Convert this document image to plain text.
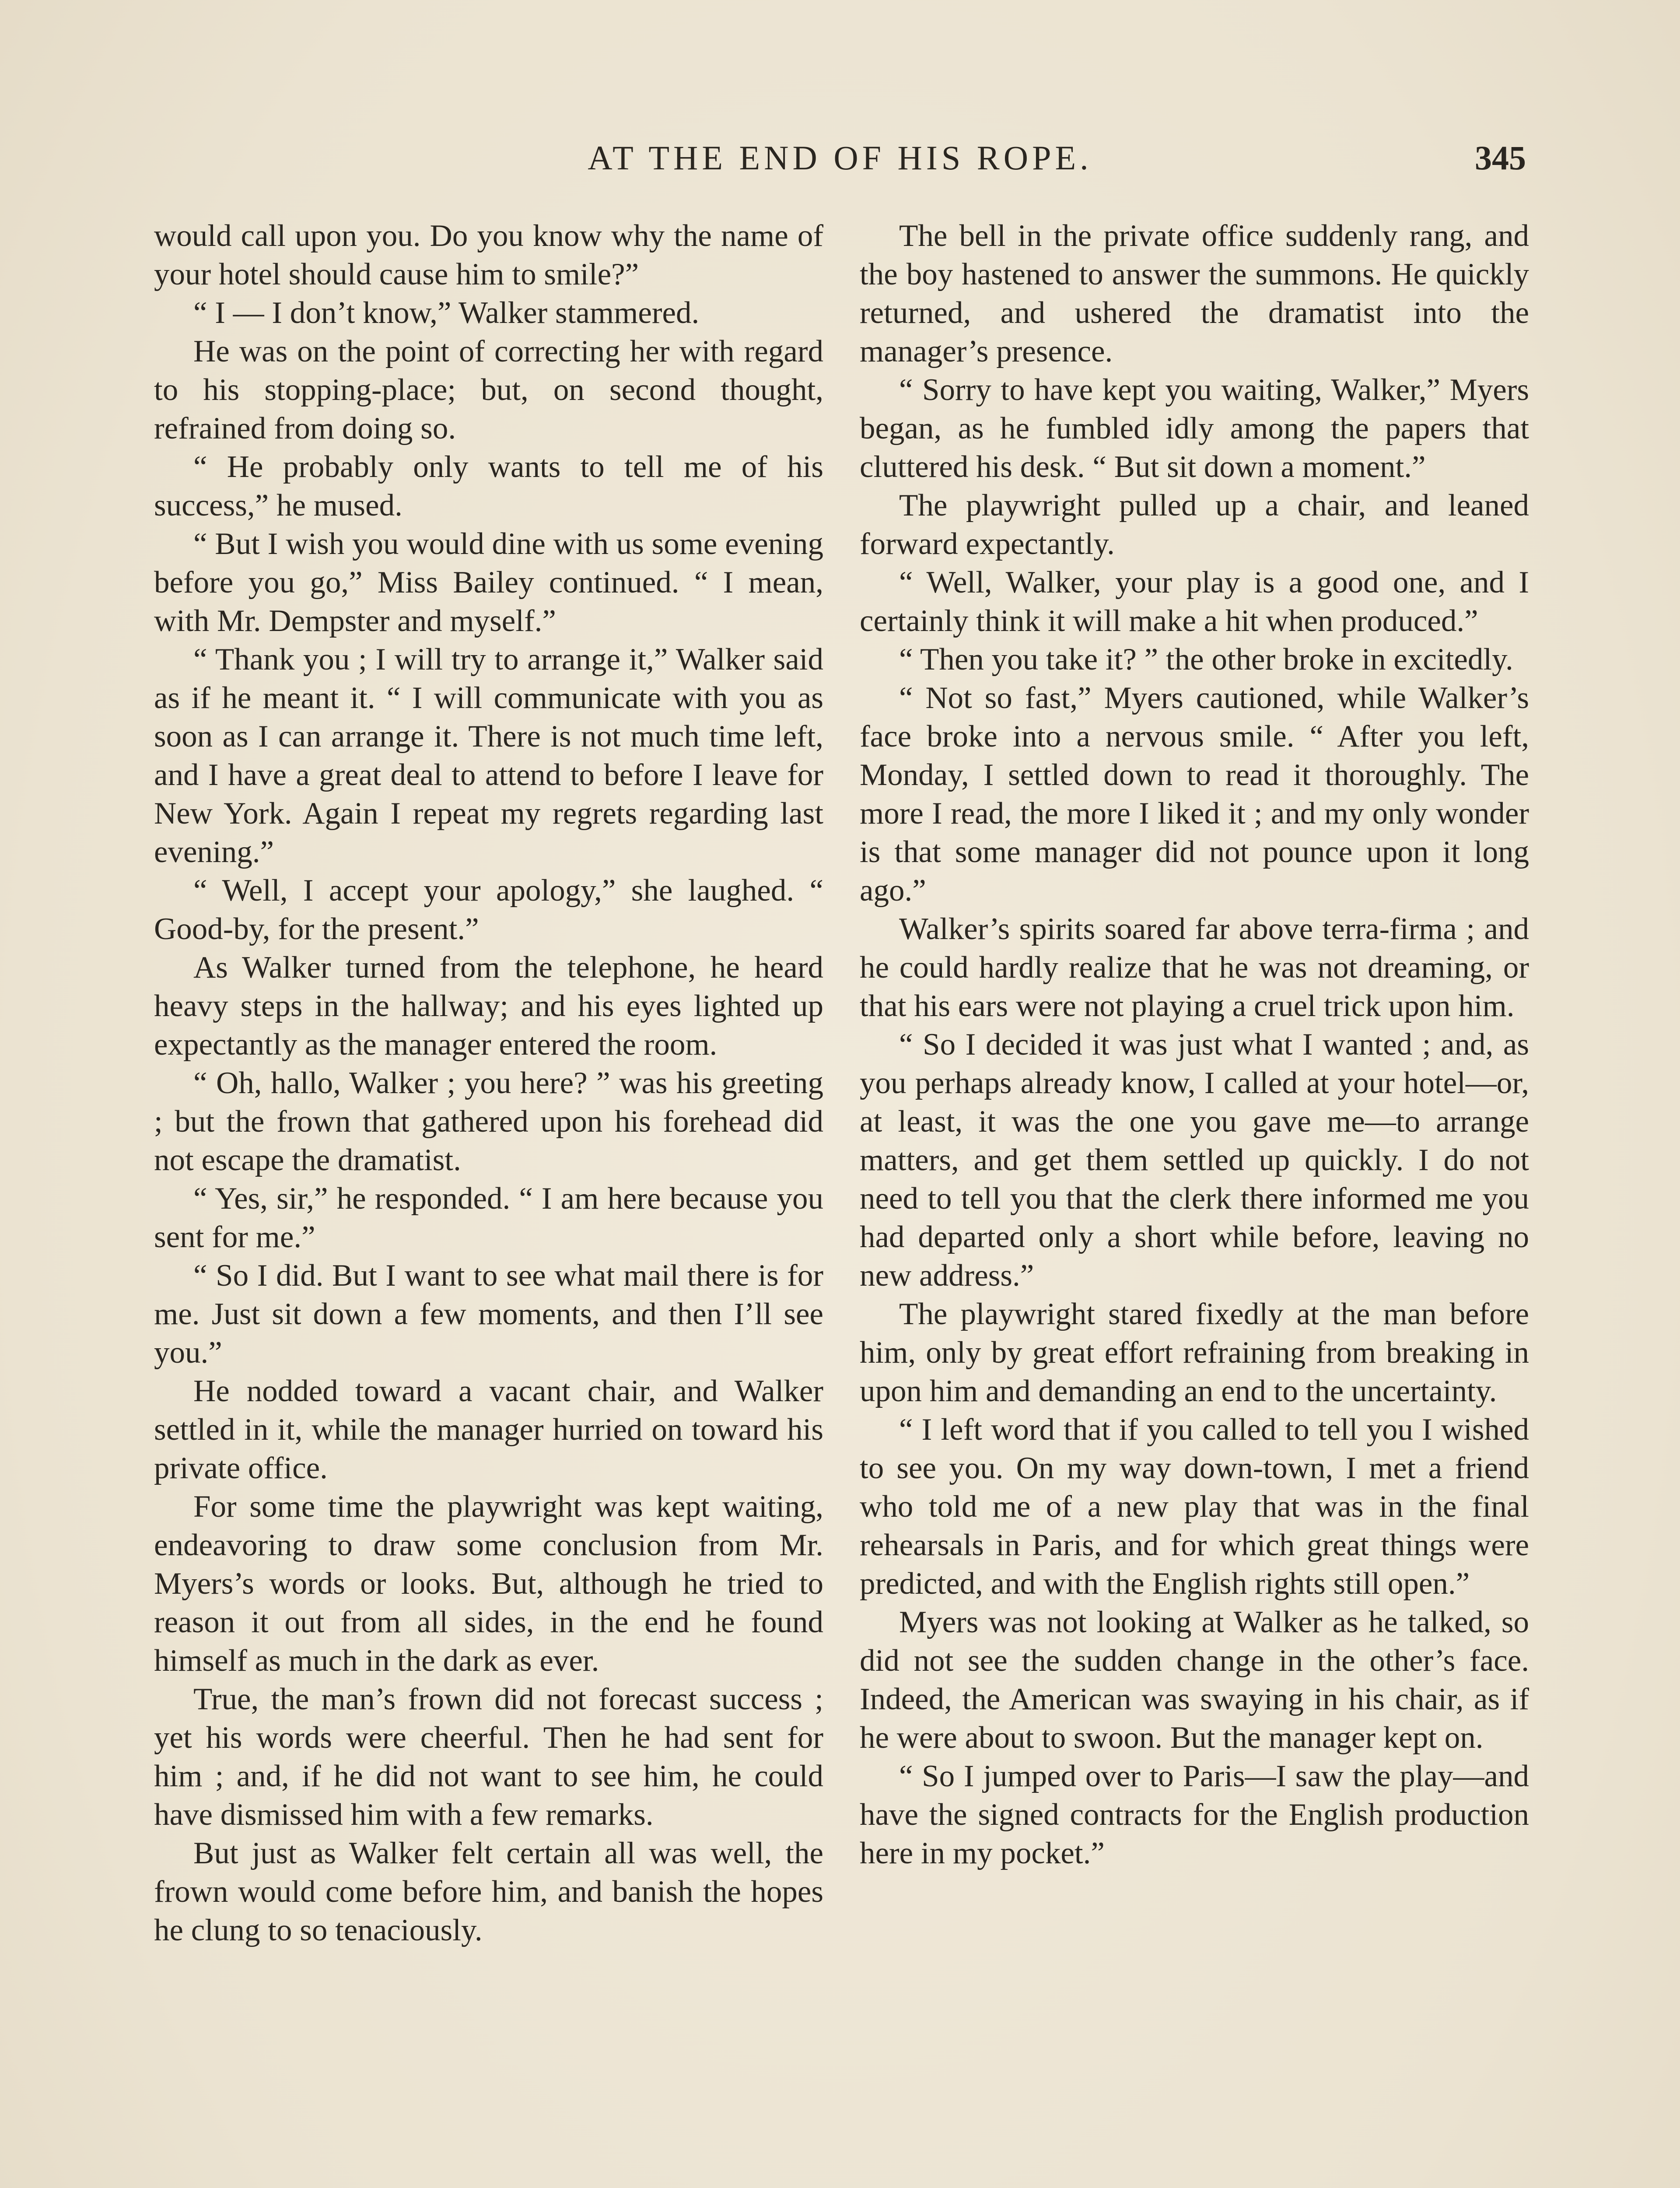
AT THE END OF HIS ROPE.	345

would call upon you. Do you know why the name of your hotel should cause him to smile?”

“ I — I don’t know,” Walker stammered.

He was on the point of correcting her with regard to his stopping-place; but, on second thought, refrained from doing so.

“ He probably only wants to tell me of his success,” he mused.

“ But I wish you would dine with us some evening before you go,” Miss Bailey continued. “ I mean, with Mr. Dempster and myself.”

“ Thank you ; I will try to arrange it,” Walker said as if he meant it. “ I will communicate with you as soon as I can arrange it. There is not much time left, and I have a great deal to attend to before I leave for New York. Again I repeat my regrets regarding last evening.”

“ Well, I accept your apology,” she laughed. “ Good-by, for the present.”

As Walker turned from the telephone, he heard heavy steps in the hallway; and his eyes lighted up expectantly as the manager entered the room.

“ Oh, hallo, Walker ; you here? ” was his greeting ; but the frown that gathered upon his forehead did not escape the dramatist.

“ Yes, sir,” he responded. “ I am here because you sent for me.”

“ So I did. But I want to see what mail there is for me. Just sit down a few moments, and then I’ll see you.”

He nodded toward a vacant chair, and Walker settled in it, while the manager hurried on toward his private office.

For some time the playwright was kept waiting, endeavoring to draw some conclusion from Mr. Myers’s words or looks. But, although he tried to reason it out from all sides, in the end he found himself as much in the dark as ever.

True, the man’s frown did not forecast success ; yet his words were cheerful. Then he had sent for him ; and, if he did not want to see him, he could have dismissed him with a few remarks.

But just as Walker felt certain all was well, the frown would come before him, and banish the hopes he clung to so tenaciously.

The bell in the private office suddenly rang, and the boy hastened to answer the summons. He quickly returned, and ushered the dramatist into the manager’s presence.

“ Sorry to have kept you waiting, Walker,” Myers began, as he fumbled idly among the papers that cluttered his desk. “ But sit down a moment.”

The playwright pulled up a chair, and leaned forward expectantly.

“ Well, Walker, your play is a good one, and I certainly think it will make a hit when produced.”

“ Then you take it? ” the other broke in excitedly.

“ Not so fast,” Myers cautioned, while Walker’s face broke into a nervous smile. “ After you left, Monday, I settled down to read it thoroughly. The more I read, the more I liked it ; and my only wonder is that some manager did not pounce upon it long ago.”

Walker’s spirits soared far above terra-firma ; and he could hardly realize that he was not dreaming, or that his ears were not playing a cruel trick upon him.

“ So I decided it was just what I wanted ; and, as you perhaps already know, I called at your hotel—or, at least, it was the one you gave me—to arrange matters, and get them settled up quickly. I do not need to tell you that the clerk there informed me you had departed only a short while before, leaving no new address.”

The playwright stared fixedly at the man before him, only by great effort refraining from breaking in upon him and demanding an end to the uncertainty.

“ I left word that if you called to tell you I wished to see you. On my way down-town, I met a friend who told me of a new play that was in the final rehearsals in Paris, and for which great things were predicted, and with the English rights still open.”

Myers was not looking at Walker as he talked, so did not see the sudden change in the other’s face. Indeed, the American was swaying in his chair, as if he were about to swoon. But the manager kept on.

“ So I jumped over to Paris—I saw the play—and have the signed contracts for the English production here in my pocket.”
